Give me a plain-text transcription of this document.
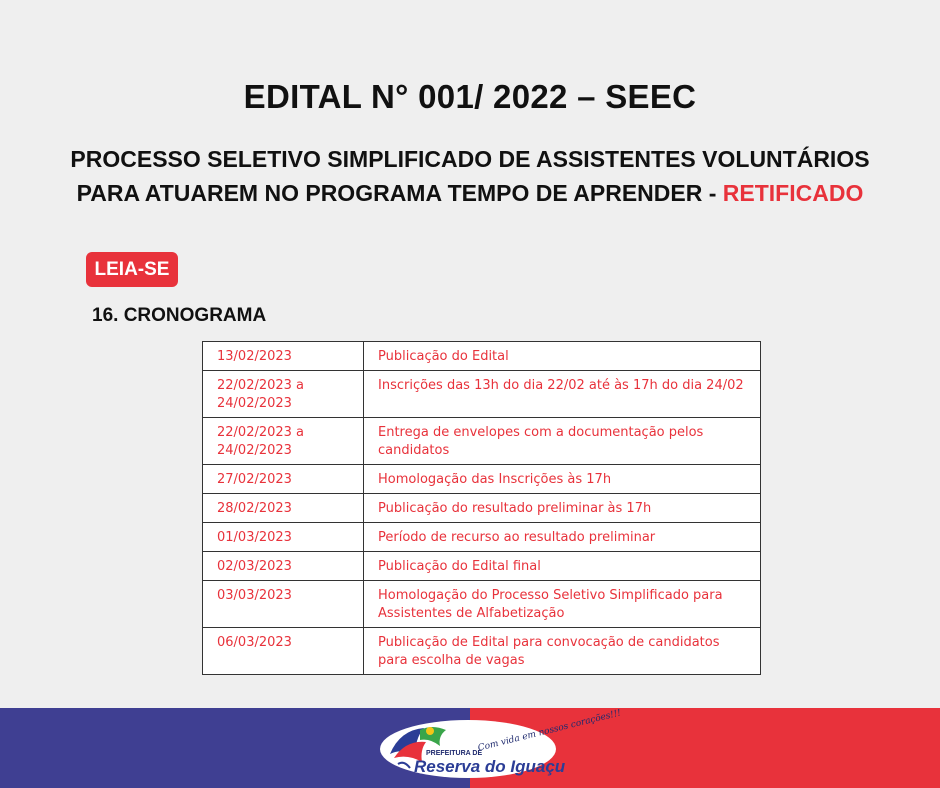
EDITAL N° 001/ 2022 – SEEC
PROCESSO SELETIVO SIMPLIFICADO DE ASSISTENTES VOLUNTÁRIOS PARA ATUAREM NO PROGRAMA TEMPO DE APRENDER - RETIFICADO
LEIA-SE
16. CRONOGRAMA
13/02/2023	Publicação do Edital
22/02/2023 a 24/02/2023	Inscrições das 13h do dia 22/02 até às 17h do dia 24/02
22/02/2023 a 24/02/2023	Entrega de envelopes com a documentação pelos candidatos
27/02/2023	Homologação das Inscrições às 17h
28/02/2023	Publicação do resultado preliminar às 17h
01/03/2023	Período de recurso ao resultado preliminar
02/03/2023	Publicação do Edital final
03/03/2023	Homologação do Processo Seletivo Simplificado para Assistentes de Alfabetização
06/03/2023	Publicação de Edital para convocação de candidatos para escolha de vagas
Com vida em nossos corações!!!
PREFEITURA DE
Reserva do Iguaçu
